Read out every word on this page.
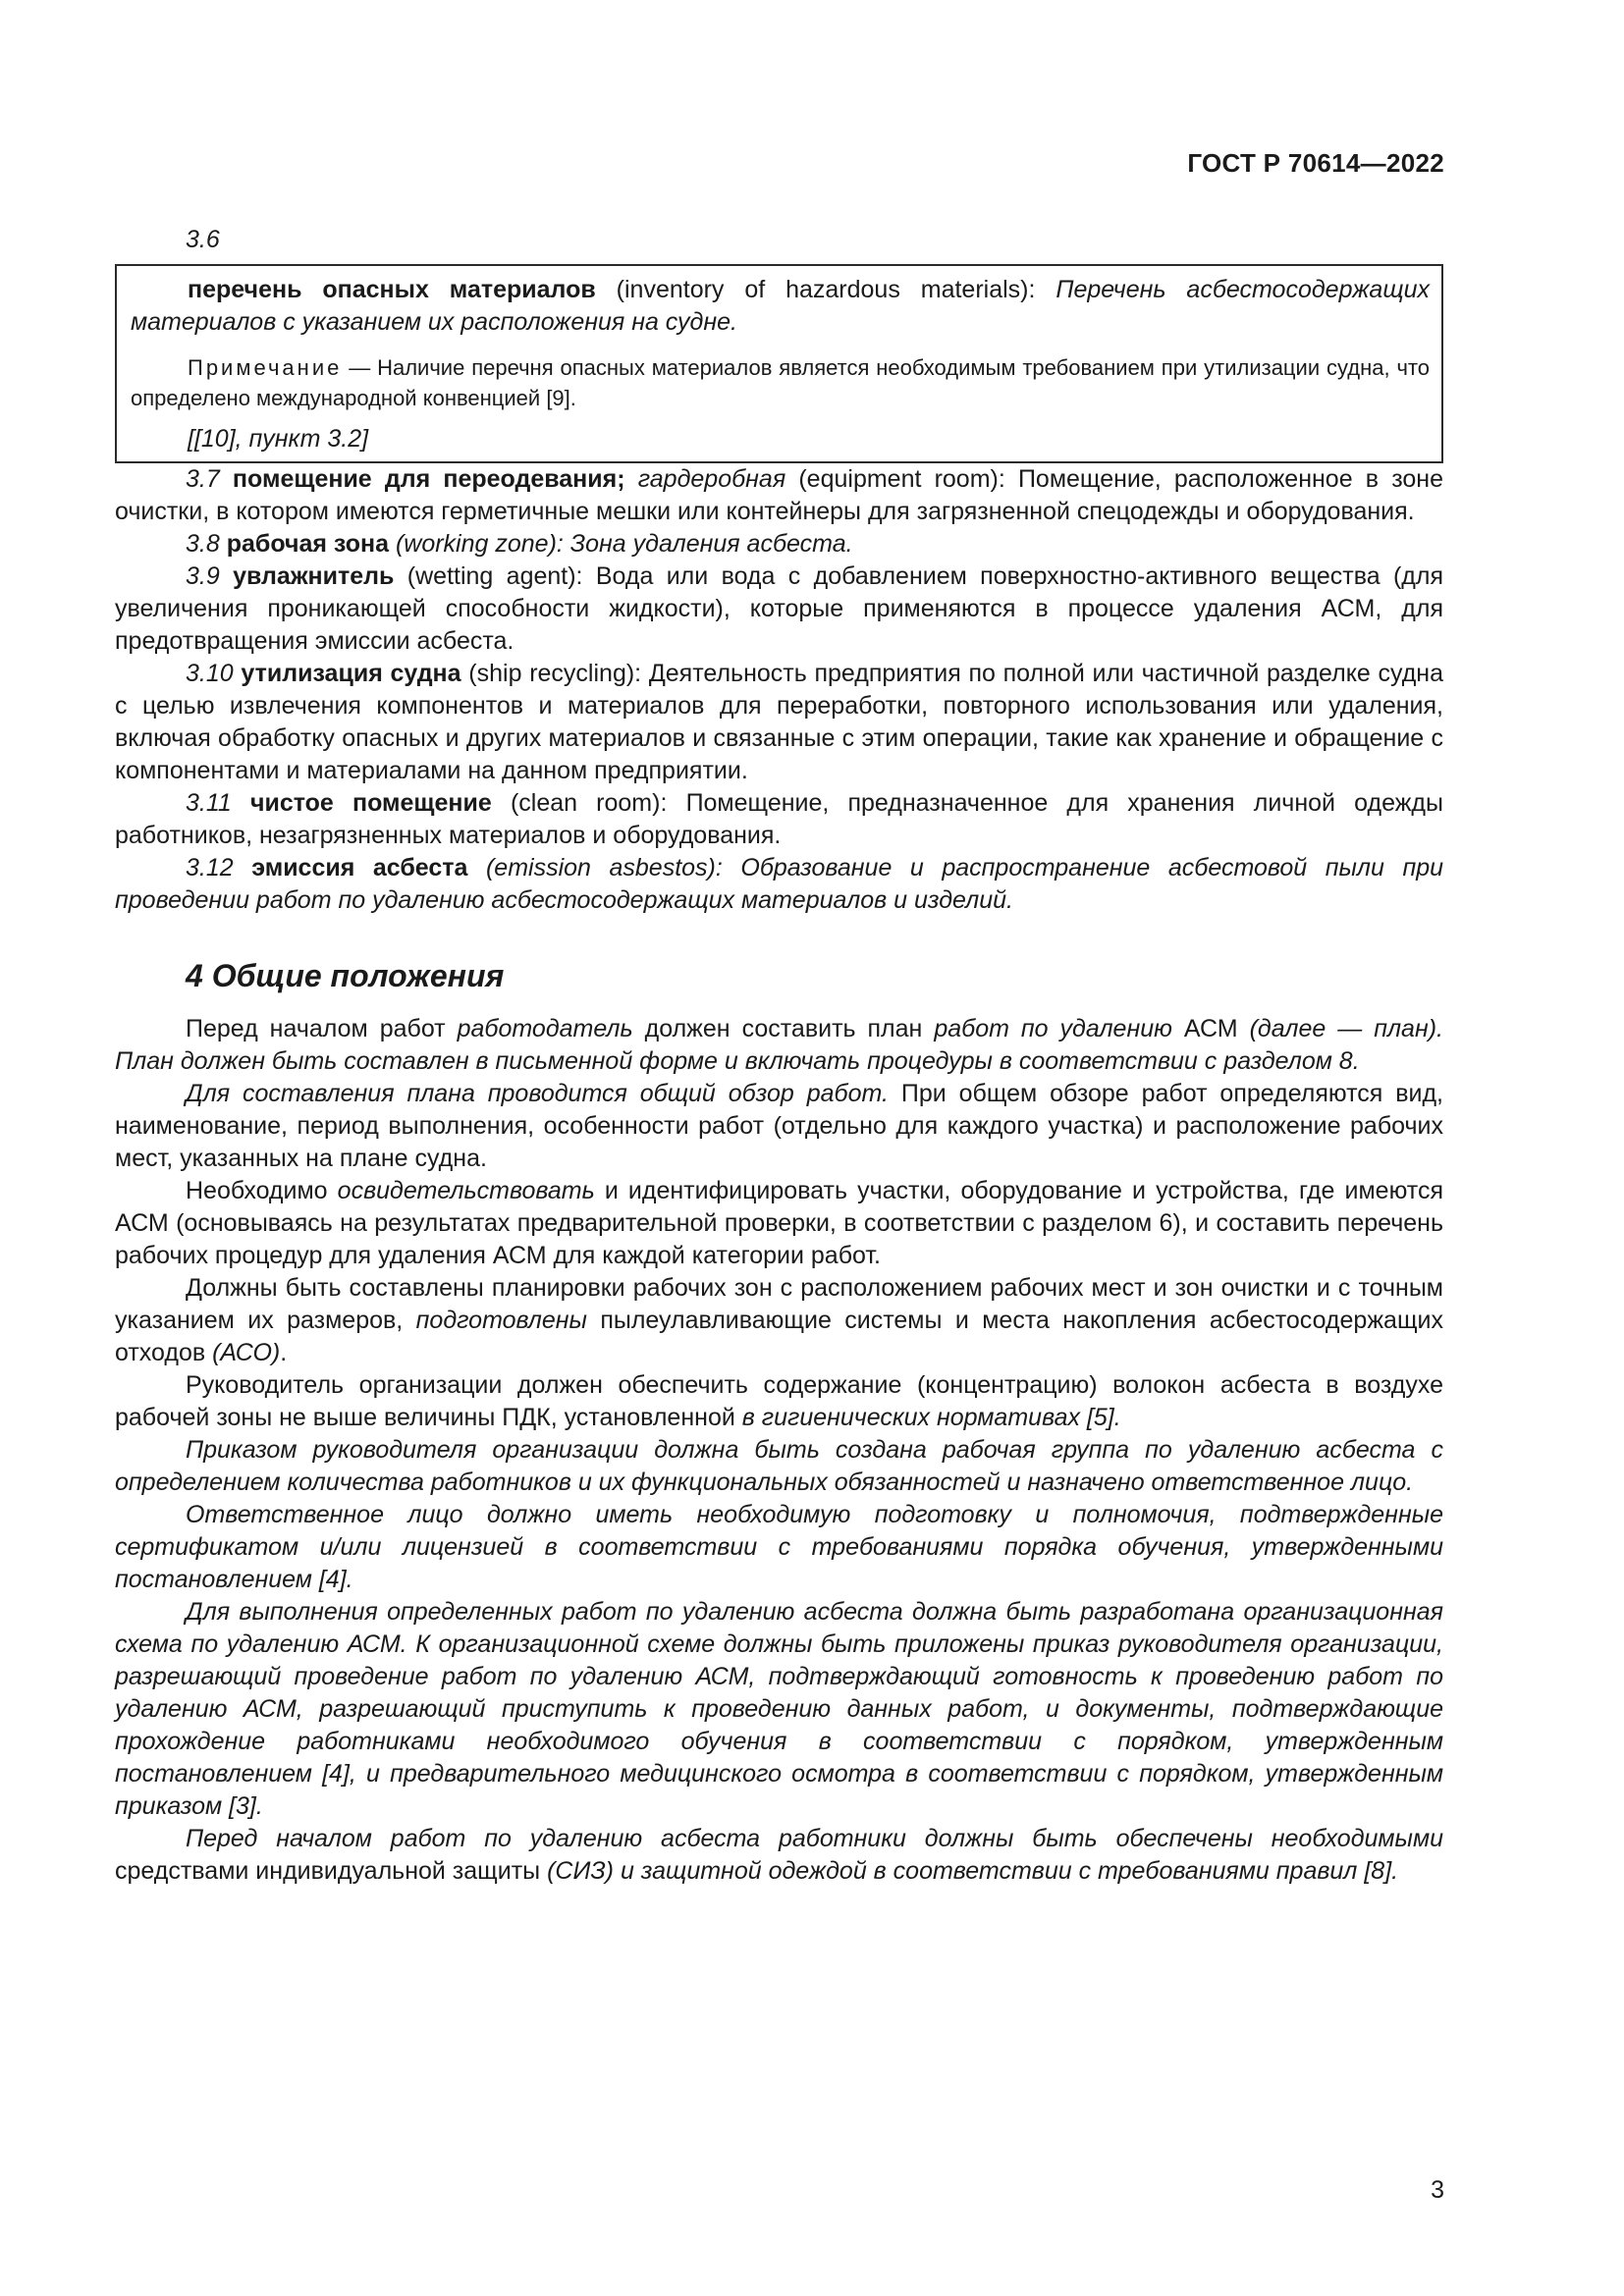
ГОСТ Р 70614—2022
3.6

перечень опасных материалов (inventory of hazardous materials): Перечень асбестосодержащих материалов с указанием их расположения на судне.

Примечание — Наличие перечня опасных материалов является необходимым требованием при утилизации судна, что определено международной конвенцией [9].

[[10], пункт 3.2]

3.7 помещение для переодевания; гардеробная (equipment room): Помещение, расположенное в зоне очистки, в котором имеются герметичные мешки или контейнеры для загрязненной спецодежды и оборудования.

3.8 рабочая зона (working zone): Зона удаления асбеста.

3.9 увлажнитель (wetting agent): Вода или вода с добавлением поверхностно-активного вещества (для увеличения проникающей способности жидкости), которые применяются в процессе удаления АСМ, для предотвращения эмиссии асбеста.

3.10 утилизация судна (ship recycling): Деятельность предприятия по полной или частичной разделке судна с целью извлечения компонентов и материалов для переработки, повторного использования или удаления, включая обработку опасных и других материалов и связанные с этим операции, такие как хранение и обращение с компонентами и материалами на данном предприятии.

3.11 чистое помещение (clean room): Помещение, предназначенное для хранения личной одежды работников, незагрязненных материалов и оборудования.

3.12 эмиссия асбеста (emission asbestos): Образование и распространение асбестовой пыли при проведении работ по удалению асбестосодержащих материалов и изделий.

4 Общие положения

Перед началом работ работодатель должен составить план работ по удалению АСМ (далее — план). План должен быть составлен в письменной форме и включать процедуры в соответствии с разделом 8.

Для составления плана проводится общий обзор работ. При общем обзоре работ определяются вид, наименование, период выполнения, особенности работ (отдельно для каждого участка) и расположение рабочих мест, указанных на плане судна.

Необходимо освидетельствовать и идентифицировать участки, оборудование и устройства, где имеются АСМ (основываясь на результатах предварительной проверки, в соответствии с разделом 6), и составить перечень рабочих процедур для удаления АСМ для каждой категории работ.

Должны быть составлены планировки рабочих зон с расположением рабочих мест и зон очистки и с точным указанием их размеров, подготовлены пылеулавливающие системы и места накопления асбестосодержащих отходов (АСО).

Руководитель организации должен обеспечить содержание (концентрацию) волокон асбеста в воздухе рабочей зоны не выше величины ПДК, установленной в гигиенических нормативах [5].

Приказом руководителя организации должна быть создана рабочая группа по удалению асбеста с определением количества работников и их функциональных обязанностей и назначено ответственное лицо.

Ответственное лицо должно иметь необходимую подготовку и полномочия, подтвержденные сертификатом и/или лицензией в соответствии с требованиями порядка обучения, утвержденными постановлением [4].

Для выполнения определенных работ по удалению асбеста должна быть разработана организационная схема по удалению АСМ. К организационной схеме должны быть приложены приказ руководителя организации, разрешающий проведение работ по удалению АСМ, подтверждающий готовность к проведению работ по удалению АСМ, разрешающий приступить к проведению данных работ, и документы, подтверждающие прохождение работниками необходимого обучения в соответствии с порядком, утвержденным постановлением [4], и предварительного медицинского осмотра в соответствии с порядком, утвержденным приказом [3].

Перед началом работ по удалению асбеста работники должны быть обеспечены необходимыми средствами индивидуальной защиты (СИЗ) и защитной одеждой в соответствии с требованиями правил [8].

3
